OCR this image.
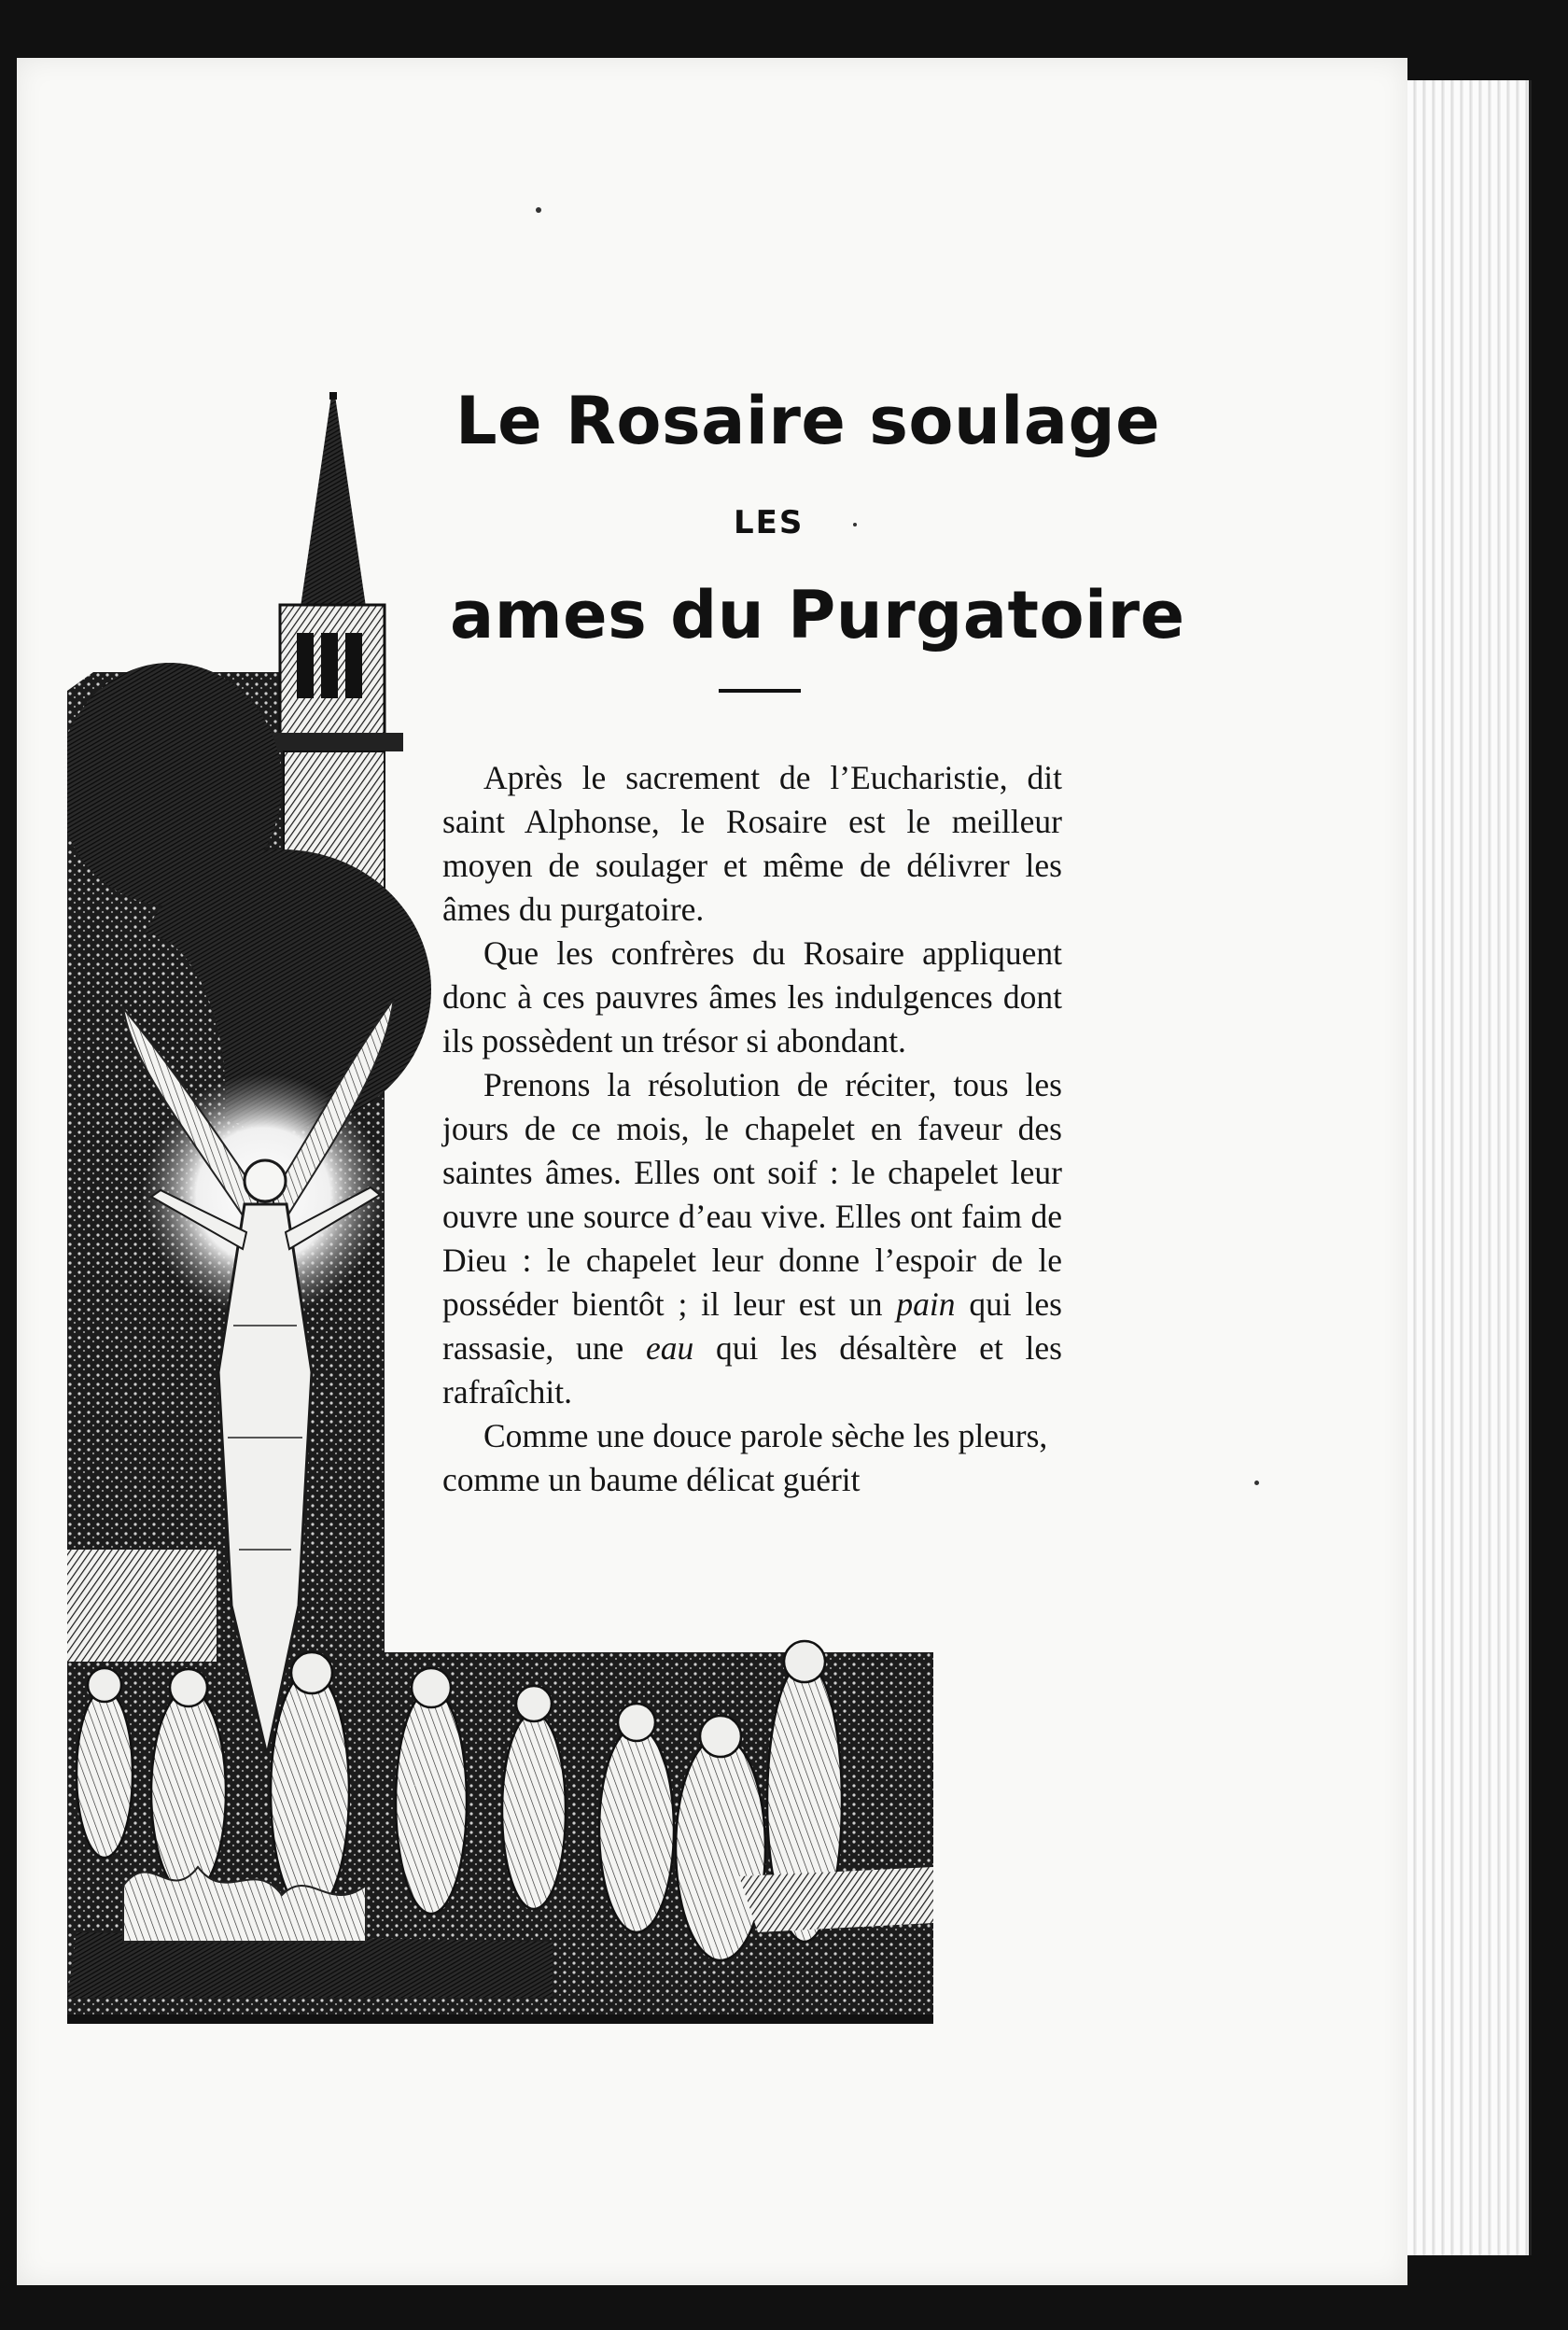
Le Rosaire soulage
LES
ames du Purgatoire

Après le sacrement de l’Eucharistie, dit saint Alphonse, le Rosaire est le meilleur moyen de soulager et même de délivrer les âmes du purgatoire.

Que les confrères du Rosaire appliquent donc à ces pauvres âmes les indulgences dont ils possèdent un trésor si abondant.

Prenons la résolution de réciter, tous les jours de ce mois, le chapelet en faveur des saintes âmes. Elles ont soif : le chapelet leur ouvre une source d’eau vive. Elles ont faim de Dieu : le chapelet leur donne l’espoir de le posséder bientôt ; il leur est un pain qui les rassasie, une eau qui les désaltère et les rafraîchit.

Comme une douce parole sèche les pleurs, comme un baume délicat guérit
